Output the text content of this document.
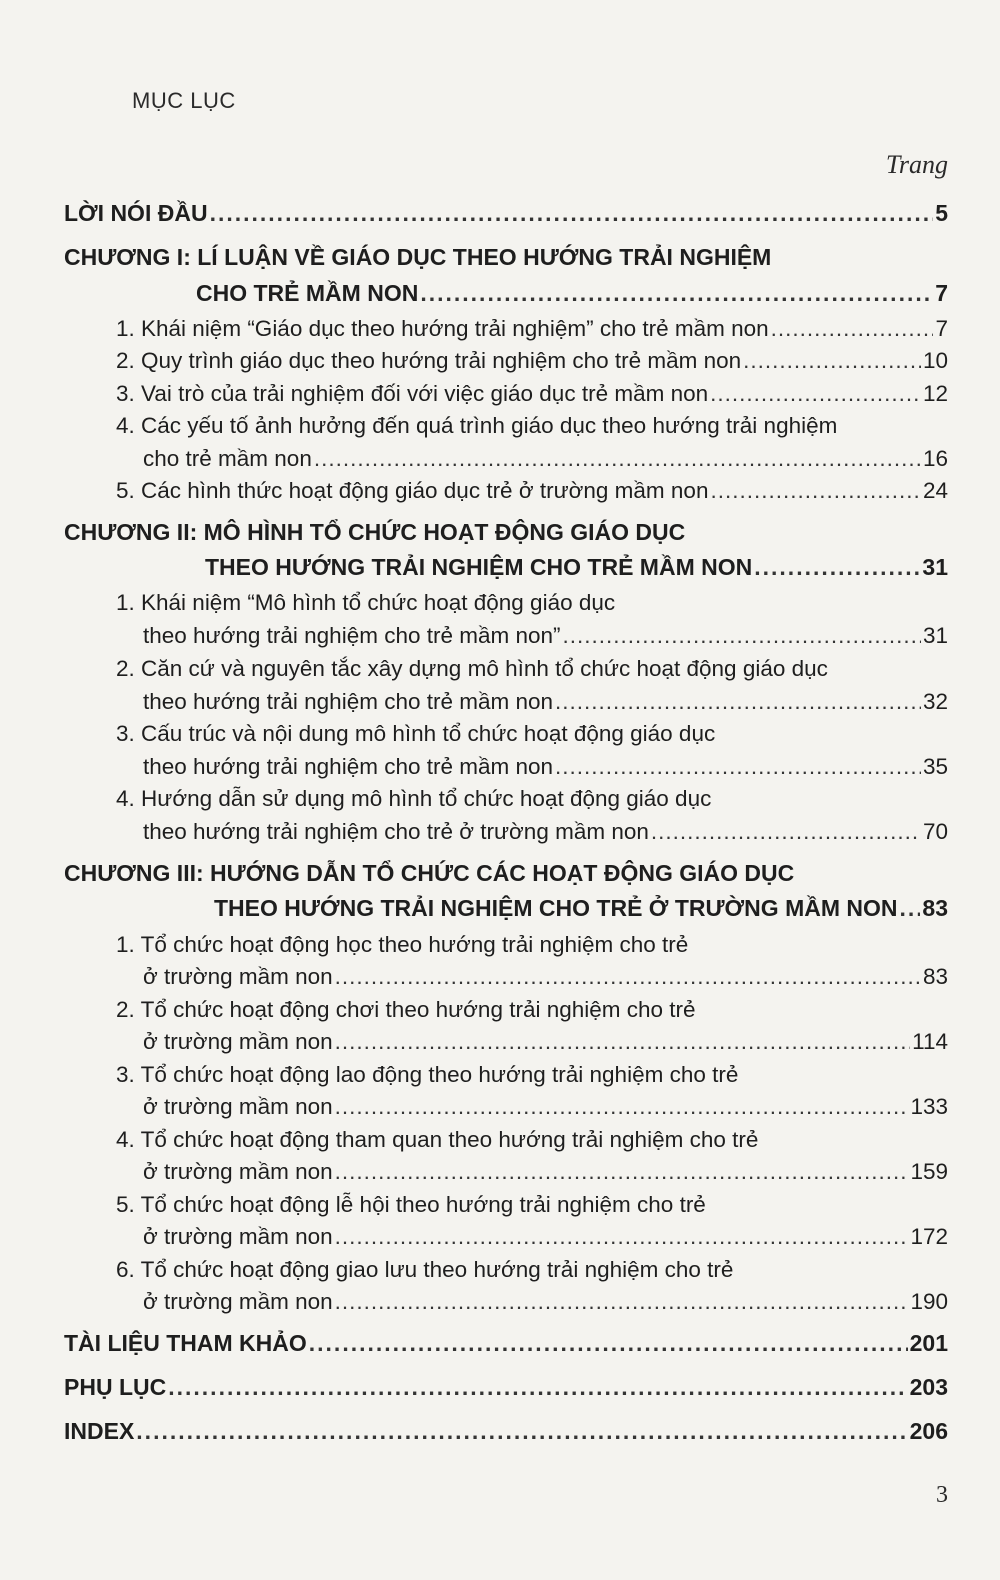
MỤC LỤC
Trang
LỜI NÓI ĐẦU .....	5
CHƯƠNG I: LÍ LUẬN VỀ GIÁO DỤC THEO HƯỚNG TRẢI NGHIỆM
CHO TRẺ MẦM NON .....	7
1. Khái niệm “Giáo dục theo hướng trải nghiệm” cho trẻ mầm non .....	7
2. Quy trình giáo dục theo hướng trải nghiệm cho trẻ mầm non .....	10
3. Vai trò của trải nghiệm đối với việc giáo dục trẻ mầm non .....	12
4. Các yếu tố ảnh hưởng đến quá trình giáo dục theo hướng trải nghiệm
cho trẻ mầm non .....	16
5. Các hình thức hoạt động giáo dục trẻ ở trường mầm non .....	24
CHƯƠNG II: MÔ HÌNH TỔ CHỨC HOẠT ĐỘNG GIÁO DỤC
THEO HƯỚNG TRẢI NGHIỆM CHO TRẺ MẦM NON .....	31
1. Khái niệm “Mô hình tổ chức hoạt động giáo dục
theo hướng trải nghiệm cho trẻ mầm non” .....	31
2. Căn cứ và nguyên tắc xây dựng mô hình tổ chức hoạt động giáo dục
theo hướng trải nghiệm cho trẻ mầm non .....	32
3. Cấu trúc và nội dung mô hình tổ chức hoạt động giáo dục
theo hướng trải nghiệm cho trẻ mầm non .....	35
4. Hướng dẫn sử dụng mô hình tổ chức hoạt động giáo dục
theo hướng trải nghiệm cho trẻ ở trường mầm non .....	70
CHƯƠNG III: HƯỚNG DẪN TỔ CHỨC CÁC HOẠT ĐỘNG GIÁO DỤC
THEO HƯỚNG TRẢI NGHIỆM CHO TRẺ Ở TRƯỜNG MẦM NON ..... 83
1. Tổ chức hoạt động học theo hướng trải nghiệm cho trẻ
ở trường mầm non .....	83
2. Tổ chức hoạt động chơi theo hướng trải nghiệm cho trẻ
ở trường mầm non .....	114
3. Tổ chức hoạt động lao động theo hướng trải nghiệm cho trẻ
ở trường mầm non .....	133
4. Tổ chức hoạt động tham quan theo hướng trải nghiệm cho trẻ
ở trường mầm non .....	159
5. Tổ chức hoạt động lễ hội theo hướng trải nghiệm cho trẻ
ở trường mầm non .....	172
6. Tổ chức hoạt động giao lưu theo hướng trải nghiệm cho trẻ
ở trường mầm non .....	190
TÀI LIỆU THAM KHẢO .....	201
PHỤ LỤC .....	203
INDEX .....	206
3
